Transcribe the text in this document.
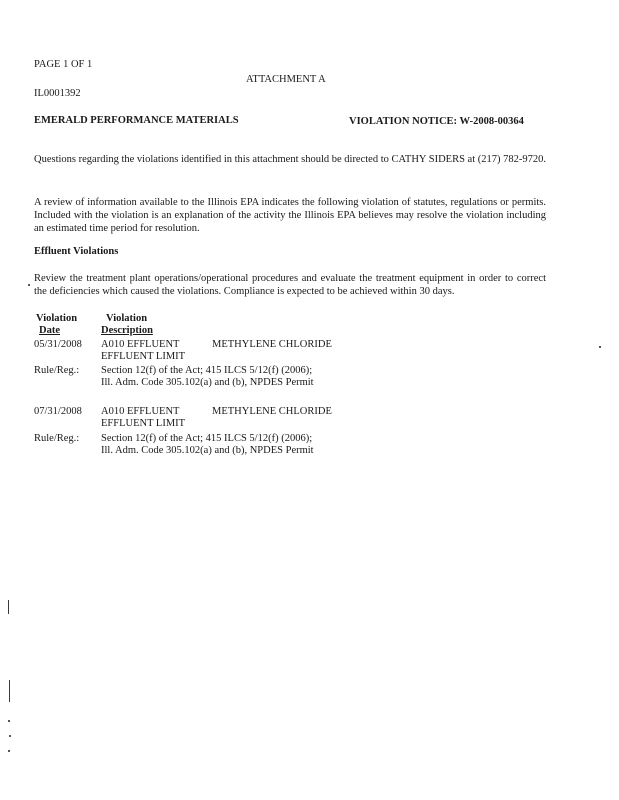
PAGE 1 OF 1
ATTACHMENT A
IL0001392
EMERALD PERFORMANCE MATERIALS	VIOLATION NOTICE: W-2008-00364
Questions regarding the violations identified in this attachment should be directed to CATHY SIDERS at (217) 782-9720.
A review of information available to the Illinois EPA indicates the following violation of statutes, regulations or permits. Included with the violation is an explanation of the activity the Illinois EPA believes may resolve the violation including an estimated time period for resolution.
Effluent Violations
Review the treatment plant operations/operational procedures and evaluate the treatment equipment in order to correct the deficiencies which caused the violations. Compliance is expected to be achieved within 30 days.
Violation
Date
Violation
Description
05/31/2008 A010 EFFLUENT	METHYLENE CHLORIDE
EFFLUENT LIMIT
Rule/Reg.: Section 12(f) of the Act; 415 ILCS 5/12(f) (2006);
Ill. Adm. Code 305.102(a) and (b), NPDES Permit
07/31/2008 A010 EFFLUENT	METHYLENE CHLORIDE
EFFLUENT LIMIT
Rule/Reg.: Section 12(f) of the Act; 415 ILCS 5/12(f) (2006);
Ill. Adm. Code 305.102(a) and (b), NPDES Permit
